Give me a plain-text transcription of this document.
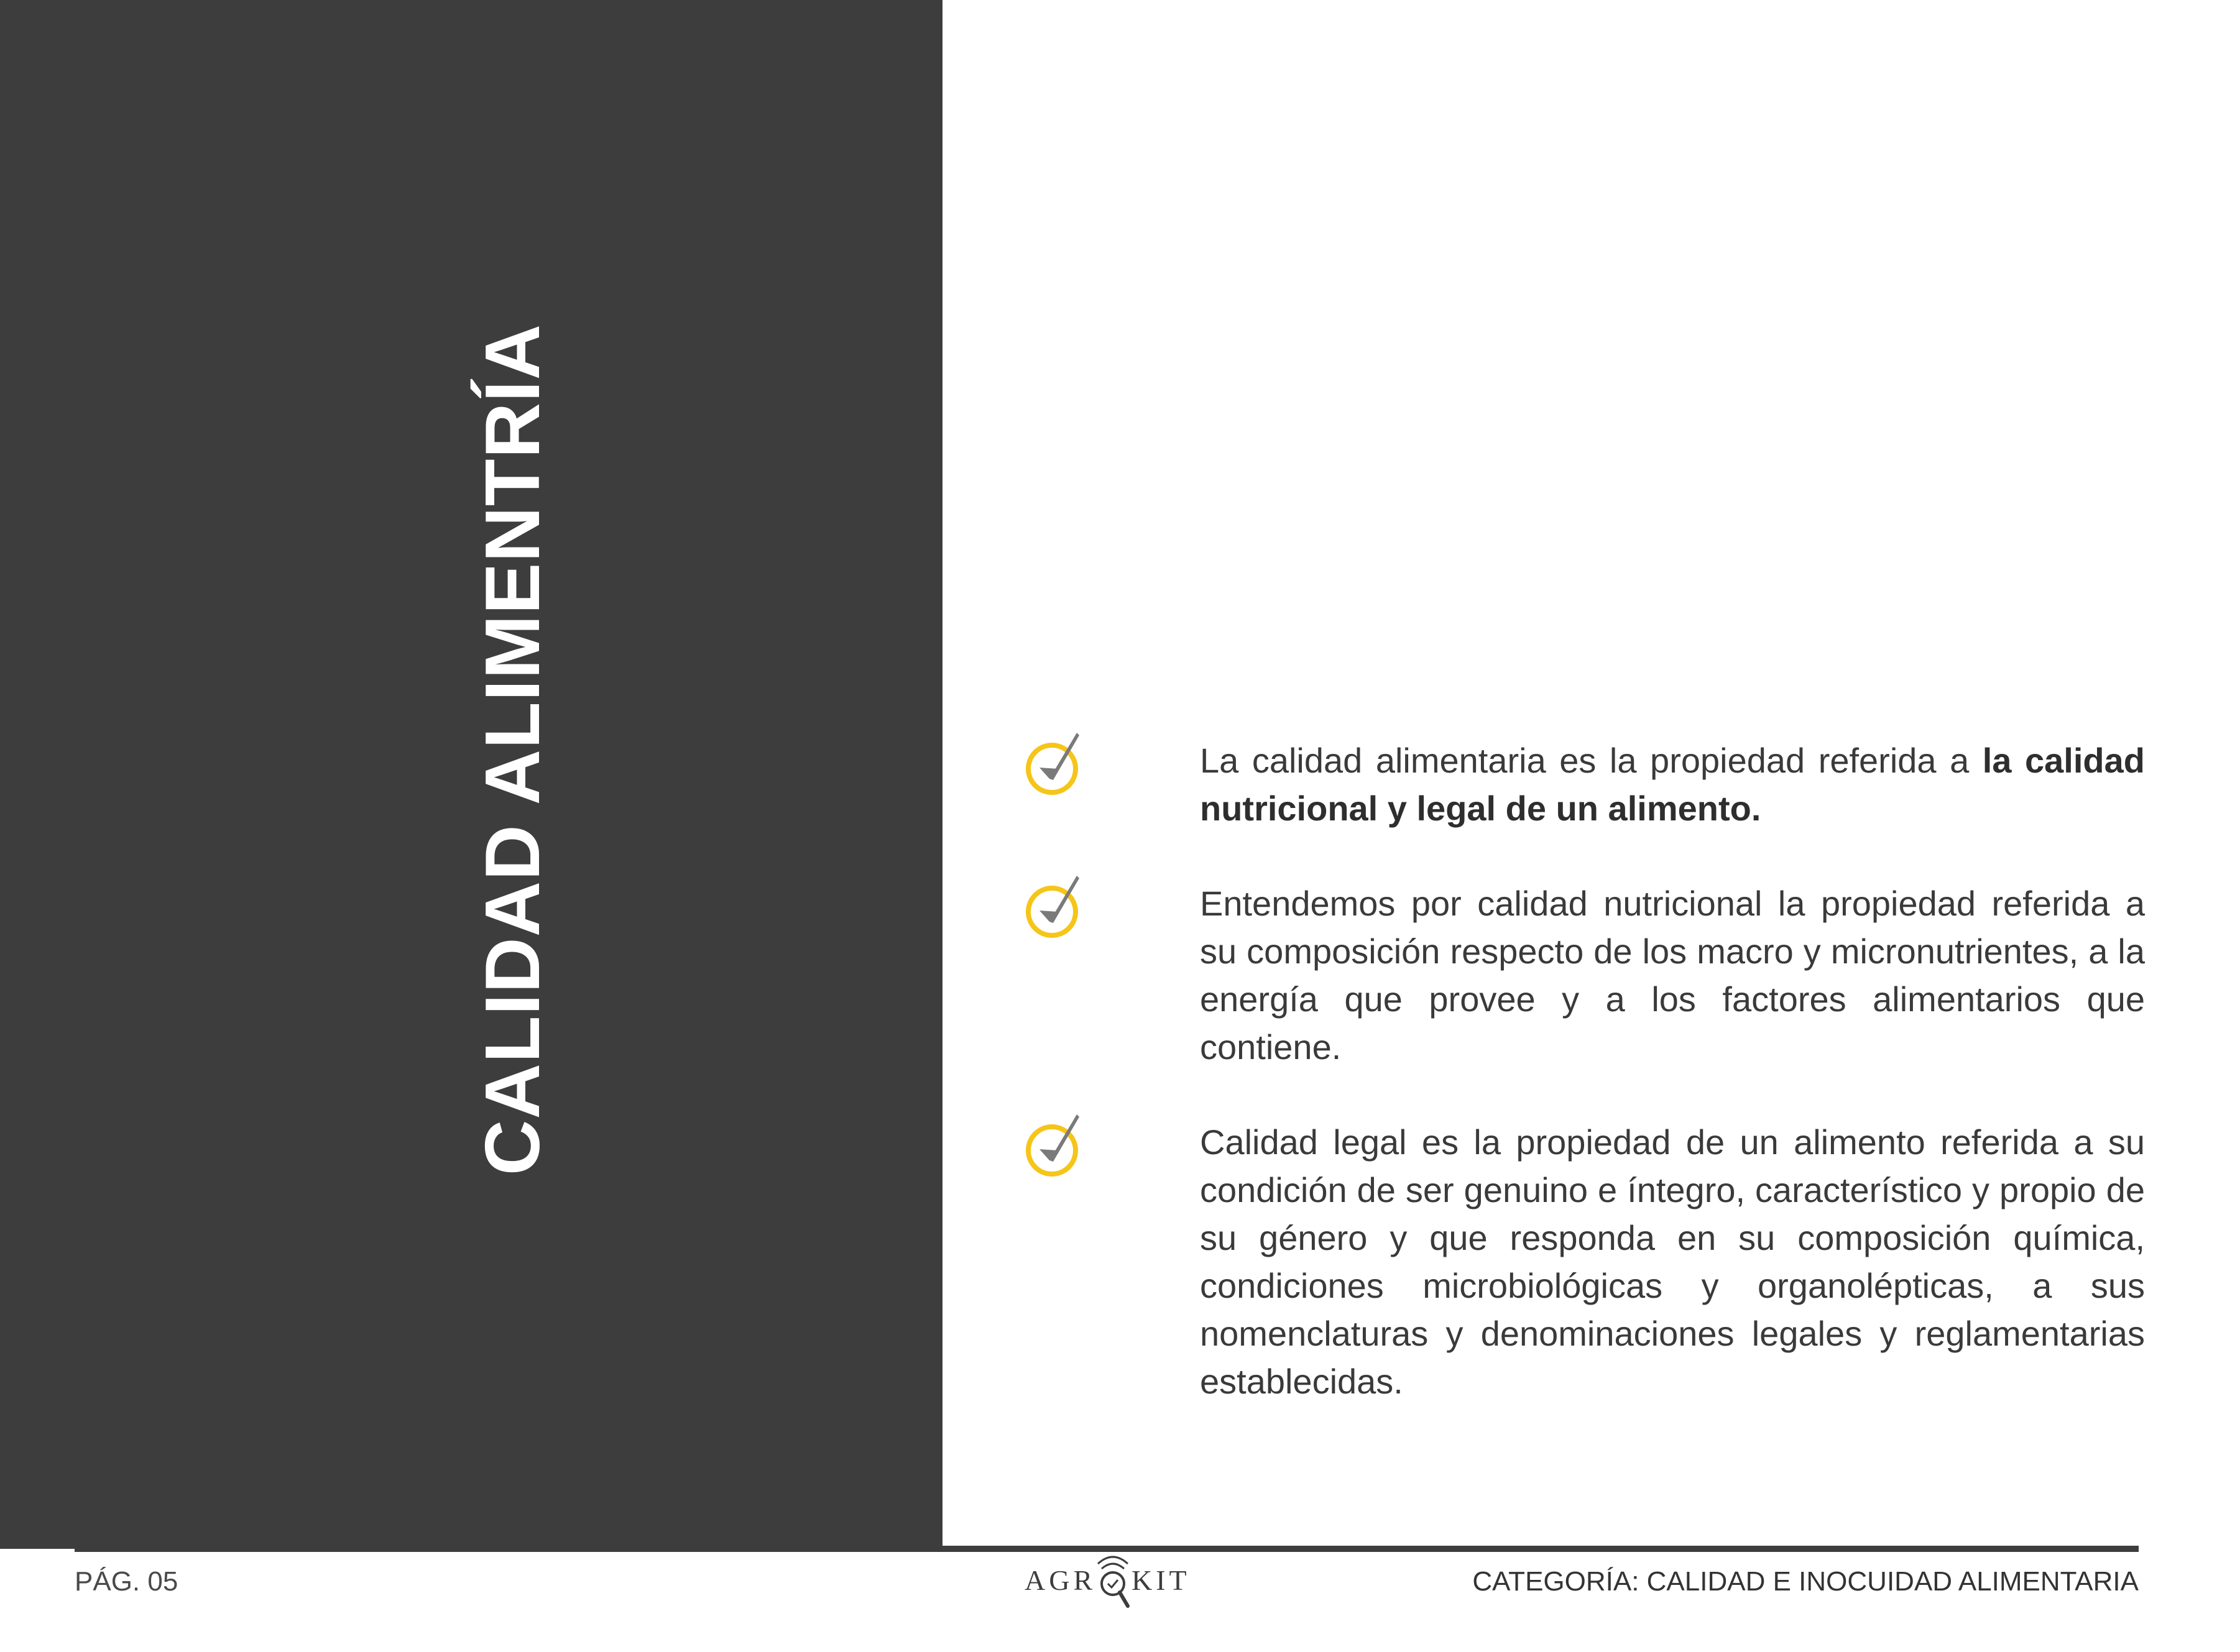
CALIDAD ALIMENTRÍA	La calidad alimentaria es la propiedad referida a la calidad nutricional y legal de un alimento.
Entendemos por calidad nutricional la propiedad referida a su composición respecto de los macro y micronutrientes, a la energía que provee y a los factores alimentarios que contiene.
Calidad legal es la propiedad de un alimento referida a su condición de ser genuino e íntegro, característico y propio de su género y que responda en su composición química, condiciones microbiológicas y organolépticas, a sus nomenclaturas y denominaciones legales y reglamentarias establecidas.
PÁG. 05	AGR KIT	CATEGORÍA: CALIDAD E INOCUIDAD ALIMENTARIA
